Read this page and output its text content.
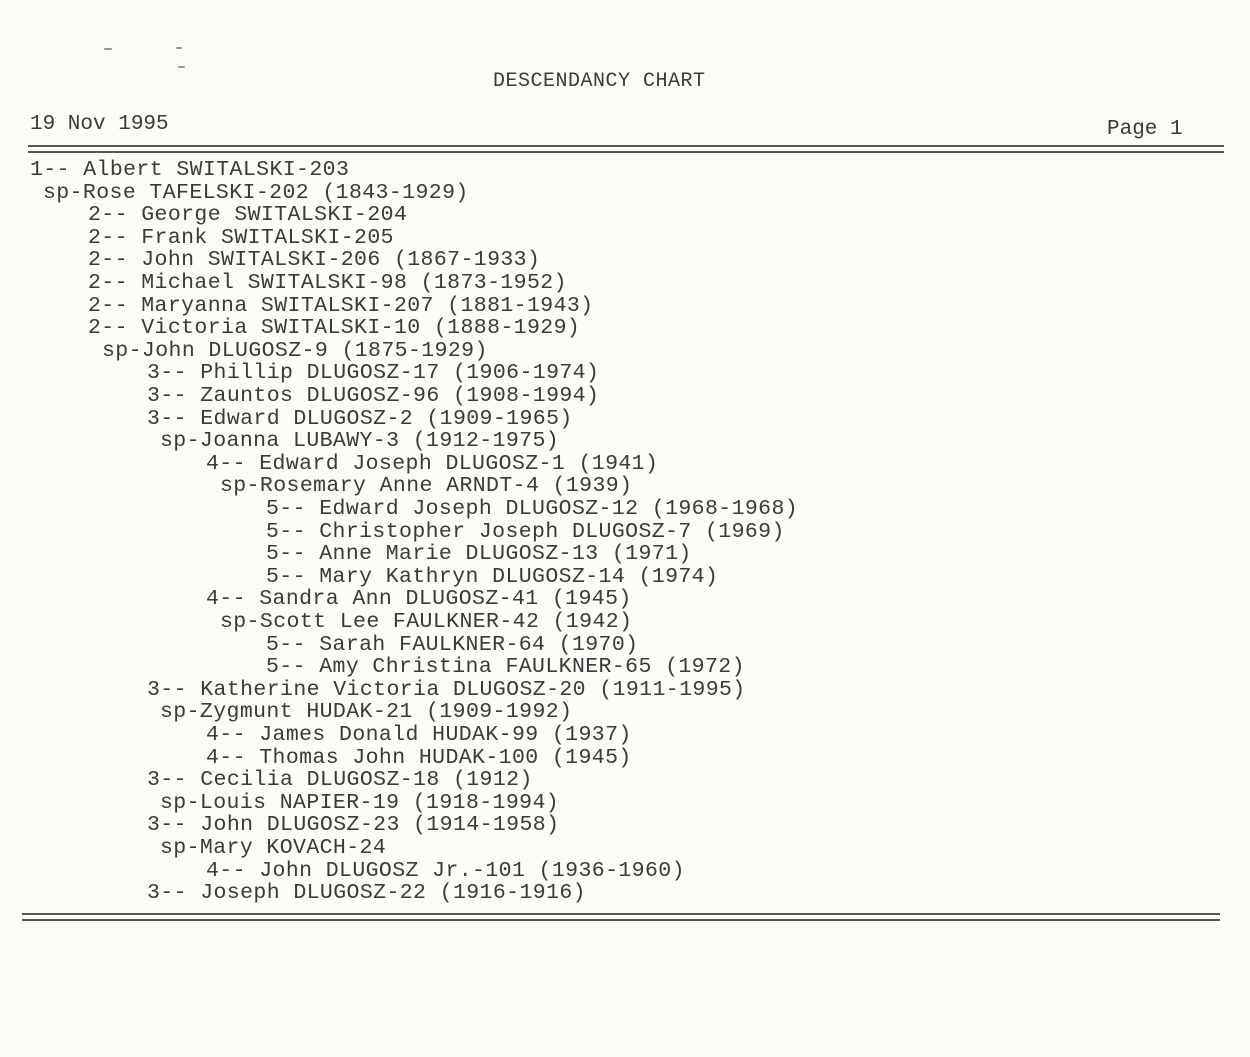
DESCENDANCY CHART
19 Nov 1995	Page 1
1-- Albert SWITALSKI-203
sp-Rose TAFELSKI-202 (1843-1929)
2-- George SWITALSKI-204
2-- Frank SWITALSKI-205
2-- John SWITALSKI-206 (1867-1933)
2-- Michael SWITALSKI-98 (1873-1952)
2-- Maryanna SWITALSKI-207 (1881-1943)
2-- Victoria SWITALSKI-10 (1888-1929)
sp-John DLUGOSZ-9 (1875-1929)
3-- Phillip DLUGOSZ-17 (1906-1974)
3-- Zauntos DLUGOSZ-96 (1908-1994)
3-- Edward DLUGOSZ-2 (1909-1965)
sp-Joanna LUBAWY-3 (1912-1975)
4-- Edward Joseph DLUGOSZ-1 (1941)
sp-Rosemary Anne ARNDT-4 (1939)
5-- Edward Joseph DLUGOSZ-12 (1968-1968)
5-- Christopher Joseph DLUGOSZ-7 (1969)
5-- Anne Marie DLUGOSZ-13 (1971)
5-- Mary Kathryn DLUGOSZ-14 (1974)
4-- Sandra Ann DLUGOSZ-41 (1945)
sp-Scott Lee FAULKNER-42 (1942)
5-- Sarah FAULKNER-64 (1970)
5-- Amy Christina FAULKNER-65 (1972)
3-- Katherine Victoria DLUGOSZ-20 (1911-1995)
sp-Zygmunt HUDAK-21 (1909-1992)
4-- James Donald HUDAK-99 (1937)
4-- Thomas John HUDAK-100 (1945)
3-- Cecilia DLUGOSZ-18 (1912)
sp-Louis NAPIER-19 (1918-1994)
3-- John DLUGOSZ-23 (1914-1958)
sp-Mary KOVACH-24
4-- John DLUGOSZ Jr.-101 (1936-1960)
3-- Joseph DLUGOSZ-22 (1916-1916)
